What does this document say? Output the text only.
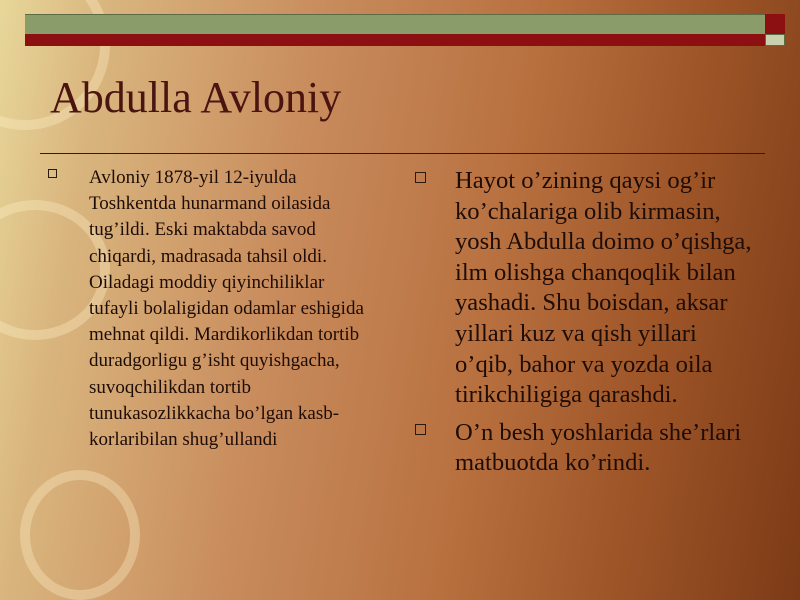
Abdulla Avloniy
Avloniy 1878-yil 12-iyulda Toshkentda hunarmand oilasida tug’ildi. Eski maktabda savod chiqardi, madrasada tahsil oldi. Oiladagi moddiy qiyinchiliklar tufayli bolaligidan odamlar eshigida mehnat qildi. Mardikorlikdan tortib duradgorligu g’isht quyishgacha, suvoqchilikdan tortib tunukasozlikkacha bo’lgan kasb-korlaribilan shug’ullandi
Hayot o’zining qaysi og’ir ko’chalariga olib kirmasin, yosh Abdulla doimo o’qishga, ilm olishga chanqoqlik bilan yashadi. Shu boisdan, aksar yillari kuz va qish yillari o’qib, bahor va yozda oila tirikchiligiga qarashdi.
O’n besh yoshlarida she’rlari matbuotda ko’rindi.
